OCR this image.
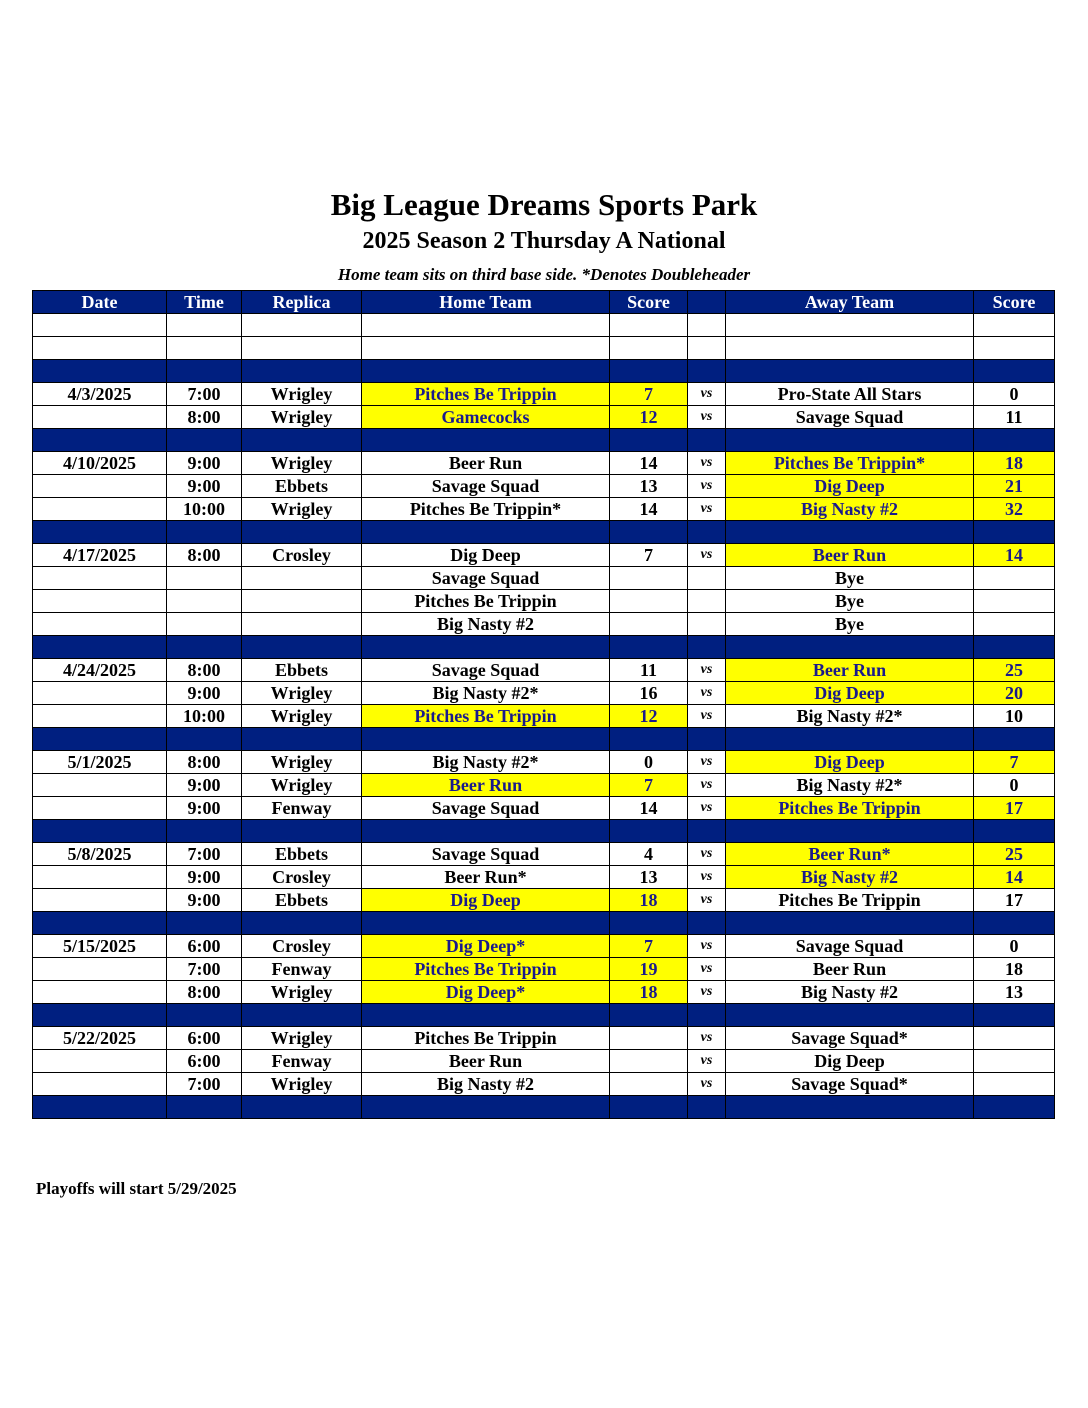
Big League Dreams Sports Park
2025 Season 2 Thursday A National
Home team sits on third base side. *Denotes Doubleheader
Date	Time	Replica	Home Team	Score		Away Team	Score

4/3/2025	7:00	Wrigley	Pitches Be Trippin	7	vs	Pro-State All Stars	0
	8:00	Wrigley	Gamecocks	12	vs	Savage Squad	11

4/10/2025	9:00	Wrigley	Beer Run	14	vs	Pitches Be Trippin*	18
	9:00	Ebbets	Savage Squad	13	vs	Dig Deep	21
	10:00	Wrigley	Pitches Be Trippin*	14	vs	Big Nasty #2	32

4/17/2025	8:00	Crosley	Dig Deep	7	vs	Beer Run	14
			Savage Squad			Bye	
			Pitches Be Trippin			Bye	
			Big Nasty #2			Bye	

4/24/2025	8:00	Ebbets	Savage Squad	11	vs	Beer Run	25
	9:00	Wrigley	Big Nasty #2*	16	vs	Dig Deep	20
	10:00	Wrigley	Pitches Be Trippin	12	vs	Big Nasty #2*	10

5/1/2025	8:00	Wrigley	Big Nasty #2*	0	vs	Dig Deep	7
	9:00	Wrigley	Beer Run	7	vs	Big Nasty #2*	0
	9:00	Fenway	Savage Squad	14	vs	Pitches Be Trippin	17

5/8/2025	7:00	Ebbets	Savage Squad	4	vs	Beer Run*	25
	9:00	Crosley	Beer Run*	13	vs	Big Nasty #2	14
	9:00	Ebbets	Dig Deep	18	vs	Pitches Be Trippin	17

5/15/2025	6:00	Crosley	Dig Deep*	7	vs	Savage Squad	0
	7:00	Fenway	Pitches Be Trippin	19	vs	Beer Run	18
	8:00	Wrigley	Dig Deep*	18	vs	Big Nasty #2	13

5/22/2025	6:00	Wrigley	Pitches Be Trippin		vs	Savage Squad*	
	6:00	Fenway	Beer Run		vs	Dig Deep	
	7:00	Wrigley	Big Nasty #2		vs	Savage Squad*	

Playoffs will start 5/29/2025
